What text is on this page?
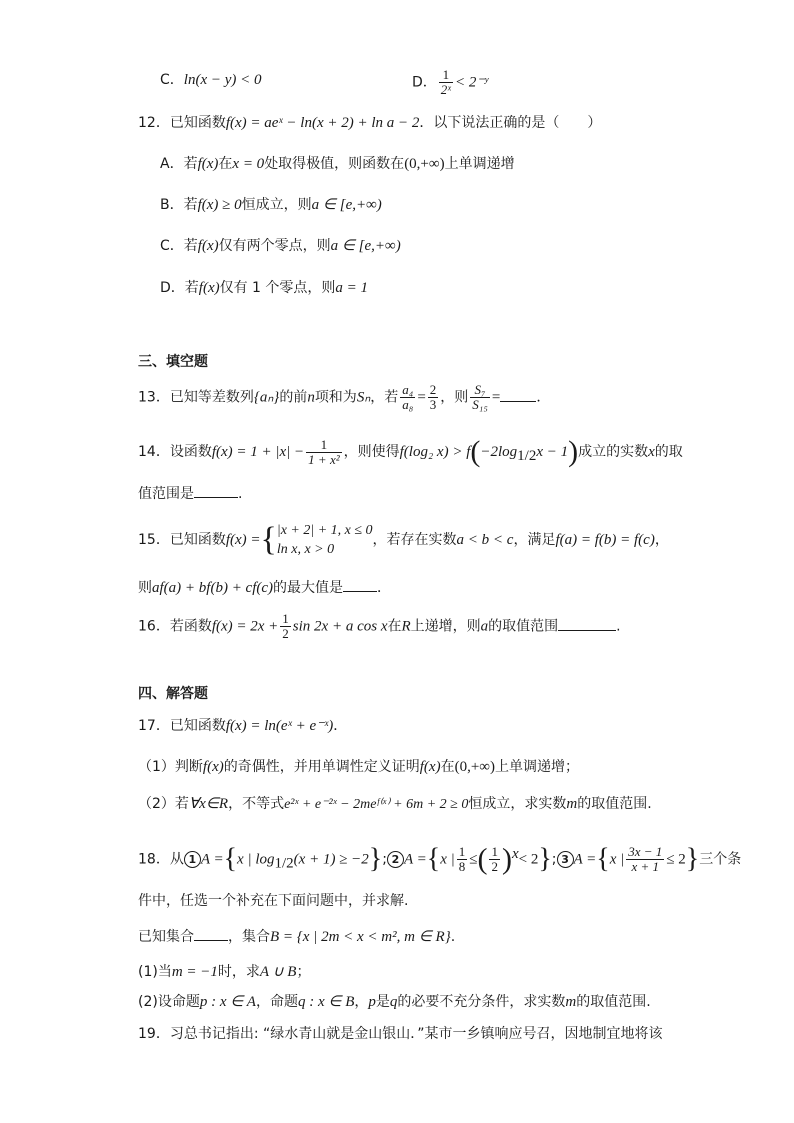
C．ln(x − y) < 0	D． $\frac{1}{\text{2ˣ}}$ < 2⁻ʸ
12．已知函数f(x) = aeˣ − ln(x + 2) + ln a − 2．以下说法正确的是（　　）
A．若f(x)在x = 0处取得极值，则函数在(0,+∞)上单调递增
B．若f(x) ≥ 0恒成立，则a ∈ [e,+∞)
C．若f(x)仅有两个零点，则a ∈ [e,+∞)
D．若f(x)仅有 1 个零点，则a = 1
三、填空题
13．已知等差数列{aₙ}的前n项和为Sₙ，若 $\frac{\text{a₄}}{\text{a₈}} = \frac{2}{3}$ ，则 $\frac{\text{S₇}}{\text{S₁₅}}$ =	．
14．设函数$f(x) = 1 + |x| - \frac{1}{\text{1 + x²}}$ ，则使得f(log₂ $x) > f(-2\log_{1/2}x - 1)$成立的实数x的取
值范围是	.
15．已知函数f(x) ={ |x + 2| + 1, x ≤ 0
ln x, x > 0
，若存在实数a < b < c，满足f(a) = f(b) = f(c)，
则af(a) + bf(b) + cf(c)的最大值是 ．
16．若函数$f(x) = 2x + \frac{1}{2}$ sin 2x + a cos x在R上递增，则a的取值范围	.
四、解答题
17．已知函数f(x) = ln(eˣ + e⁻ˣ)．
（1）判断f(x)的奇偶性，并用单调性定义证明f(x)在(0,+∞)上单调递增；
（2）若∀x∈R，不等式e²ˣ + e⁻²ˣ − 2meᶠ⁽ˣ⁾ + 6m + 2 ≥ 0恒成立，求实数m的取值范围.
18．从 1 A ={x | $\log_{1/2}(x + 1) \ge -2$}; 2 A ={x | $\frac{1}{8}$ ≤( $\frac{1}{2} )^x< 2$}; 3 A ={x | $\frac{3x - 1}{x + 1} \le 2$}三个条
件中，任选一个补充在下面问题中，并求解.
已知集合 ，集合B = {x | 2m < x < m², m ∈ R}.
(1)当m = −1时，求A ∪ B；
(2)设命题p : x ∈ A，命题q : x ∈ B，p是q的必要不充分条件，求实数m的取值范围.
19．习总书记指出: “绿水青山就是金山银山．”某市一乡镇响应号召，因地制宜地将该
